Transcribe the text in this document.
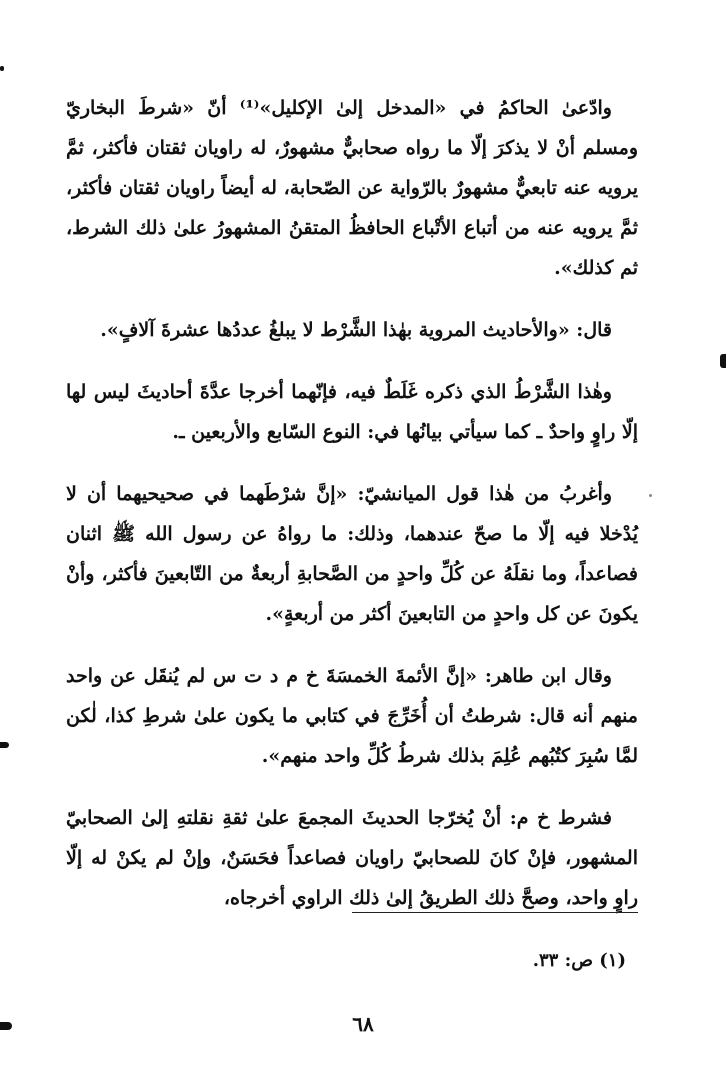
وادّعىٰ الحاكمُ في «المدخل إلىٰ الإكليل»⁽¹⁾ أنّ «شرطَ البخاريّ ومسلم أنْ لا يذكرَ إلّا ما رواه صحابيٌّ مشهورٌ، له راويان ثقتان فأكثر، ثمَّ يرويه عنه تابعيٌّ مشهورٌ بالرّواية عن الصّحابة، له أيضاً راويان ثقتان فأكثر، ثمَّ يرويه عنه من أتباع الأتْباع الحافظُ المتقنُ المشهورُ علىٰ ذلك الشرط، ثم كذلك».

قال: «والأحاديث المروية بهٰذا الشَّرْط لا يبلغُ عددُها عشرةَ آلافٍ».

وهٰذا الشَّرْطُ الذي ذكره غَلَطٌ فيه، فإنّهما أخرجا عدَّةَ أحاديثَ ليس لها إلّا راوٍ واحدٌ ـ كما سيأتي بيانُها في: النوع السّابع والأربعين ـ.

وأغربُ من هٰذا قول الميانشيّ: «إنَّ شرْطَهما في صحيحيهما أن لا يُدْخلا فيه إلّا ما صحّ عندهما، وذلك: ما رواهُ عن رسول الله ﷺ اثنان فصاعداً، وما نقلَهُ عن كُلِّ واحدٍ من الصَّحابةِ أربعةٌ من التّابعينَ فأكثر، وأنْ يكونَ عن كل واحدٍ من التابعينَ أكثر من أربعةٍ».

وقال ابن طاهر: «إنَّ الأئمةَ الخمسَةَ خ م د ت س لم يُنقَل عن واحد منهم أنه قال: شرطتُ أن أُخَرِّجَ في كتابي ما يكون علىٰ شرطِ كذا، لٰكن لمَّا سُبِرَ كتُبُهم عُلِمَ بذلك شرطُ كُلِّ واحد منهم».

فشرط خ م: أنْ يُخرّجا الحديثَ المجمعَ علىٰ ثقةِ نقلتهِ إلىٰ الصحابيّ المشهور، فإنْ كانَ للصحابيّ راويان فصاعداً فحَسَنٌ، وإنْ لم يكنْ له إلّا راوٍ واحد، وصحَّ ذلك الطريقُ إلىٰ ذلك الراوي أخرجاه،

(١) ص: ٣٣.
٦٨
